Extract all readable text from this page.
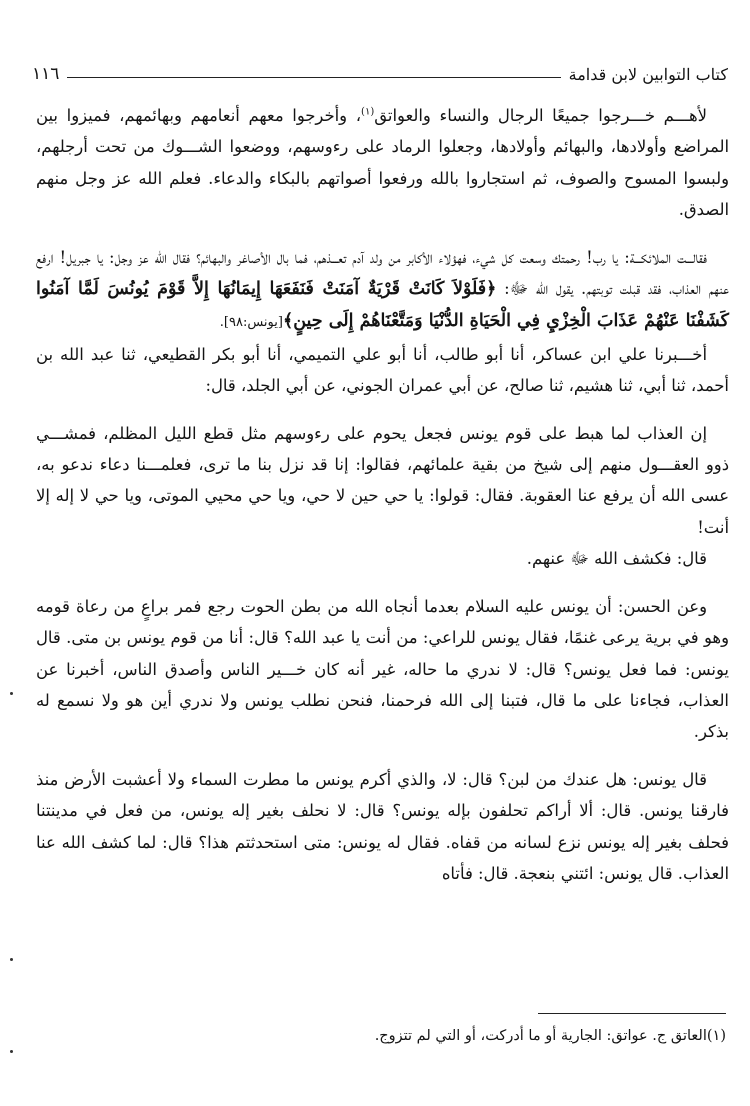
كتاب التوابين لابن قدامة
١١٦

لأهـــم خـــرجوا جميعًا الرجال والنساء والعواتق$^{(١)}$، وأخرجوا معهم أنعامهم وبهائمهم، فميزوا بين المراضع وأولادها، والبهائم وأولادها، وجعلوا الرماد على رءوسهم، ووضعوا الشـــوك من تحت أرجلهم، ولبسوا المسوح والصوف، ثم استجاروا بالله ورفعوا أصواتهم بالبكاء والدعاء. فعلم الله عز وجل منهم الصدق.

فقالـــت الملائكـــة: يا رب! رحمتك وسعت كل شيء، فهؤلاء الأكابر من ولد آدم تعـــذهم، فما بال الأصاغر والبهائم؟ فقال الله عز وجل: يا جبريل! ارفع عنهم العذاب، فقد قبلت توبتهم. يقول الله ﷻ: ﴿فَلَوْلاَ كَانَتْ قَرْيَةٌ آمَنَتْ فَنَفَعَهَا إِيمَانُهَا إِلاَّ قَوْمَ يُونُسَ لَمَّا آمَنُوا كَشَفْنَا عَنْهُمْ عَذَابَ الْخِزْيِ فِي الْحَيَاةِ الدُّنْيَا وَمَتَّعْنَاهُمْ إِلَى حِينٍ﴾[يونس:٩٨].

أخـــبرنا علي ابن عساكر، أنا أبو طالب، أنا أبو علي التميمي، أنا أبو بكر القطيعي، ثنا عبد الله بن أحمد، ثنا أبي، ثنا هشيم، ثنا صالح، عن أبي عمران الجوني، عن أبي الجلد، قال:

إن العذاب لما هبط على قوم يونس فجعل يحوم على رءوسهم مثل قطع الليل المظلم، فمشـــي ذوو العقـــول منهم إلى شيخ من بقية علمائهم، فقالوا: إنا قد نزل بنا ما ترى، فعلمـــنا دعاء ندعو به، عسى الله أن يرفع عنا العقوبة. فقال: قولوا: يا حي حين لا حي، ويا حي محيي الموتى، ويا حي لا إله إلا أنت!

قال: فكشف الله ﷻ عنهم.

وعن الحسن: أن يونس عليه السلام بعدما أنجاه الله من بطن الحوت رجع فمر براعٍ من رعاة قومه وهو في برية يرعى غنمًا، فقال يونس للراعي: من أنت يا عبد الله؟ قال: أنا من قوم يونس بن متى. قال يونس: فما فعل يونس؟ قال: لا ندري ما حاله، غير أنه كان خـــير الناس وأصدق الناس، أخبرنا عن العذاب، فجاءنا على ما قال، فتبنا إلى الله فرحمنا، فنحن نطلب يونس ولا ندري أين هو ولا نسمع له بذكر.

قال يونس: هل عندك من لبن؟ قال: لا، والذي أكرم يونس ما مطرت السماء ولا أعشبت الأرض منذ فارقنا يونس. قال: ألا أراكم تحلفون بإله يونس؟ قال: لا نحلف بغير إله يونس، من فعل في مدينتنا فحلف بغير إله يونس نزع لسانه من قفاه. فقال له يونس: متى استحدثتم هذا؟ قال: لما كشف الله عنا العذاب. قال يونس: ائتني بنعجة. قال: فأتاه

(١)العاتق ج. عواتق: الجارية أو ما أدركت، أو التي لم تتزوج.
